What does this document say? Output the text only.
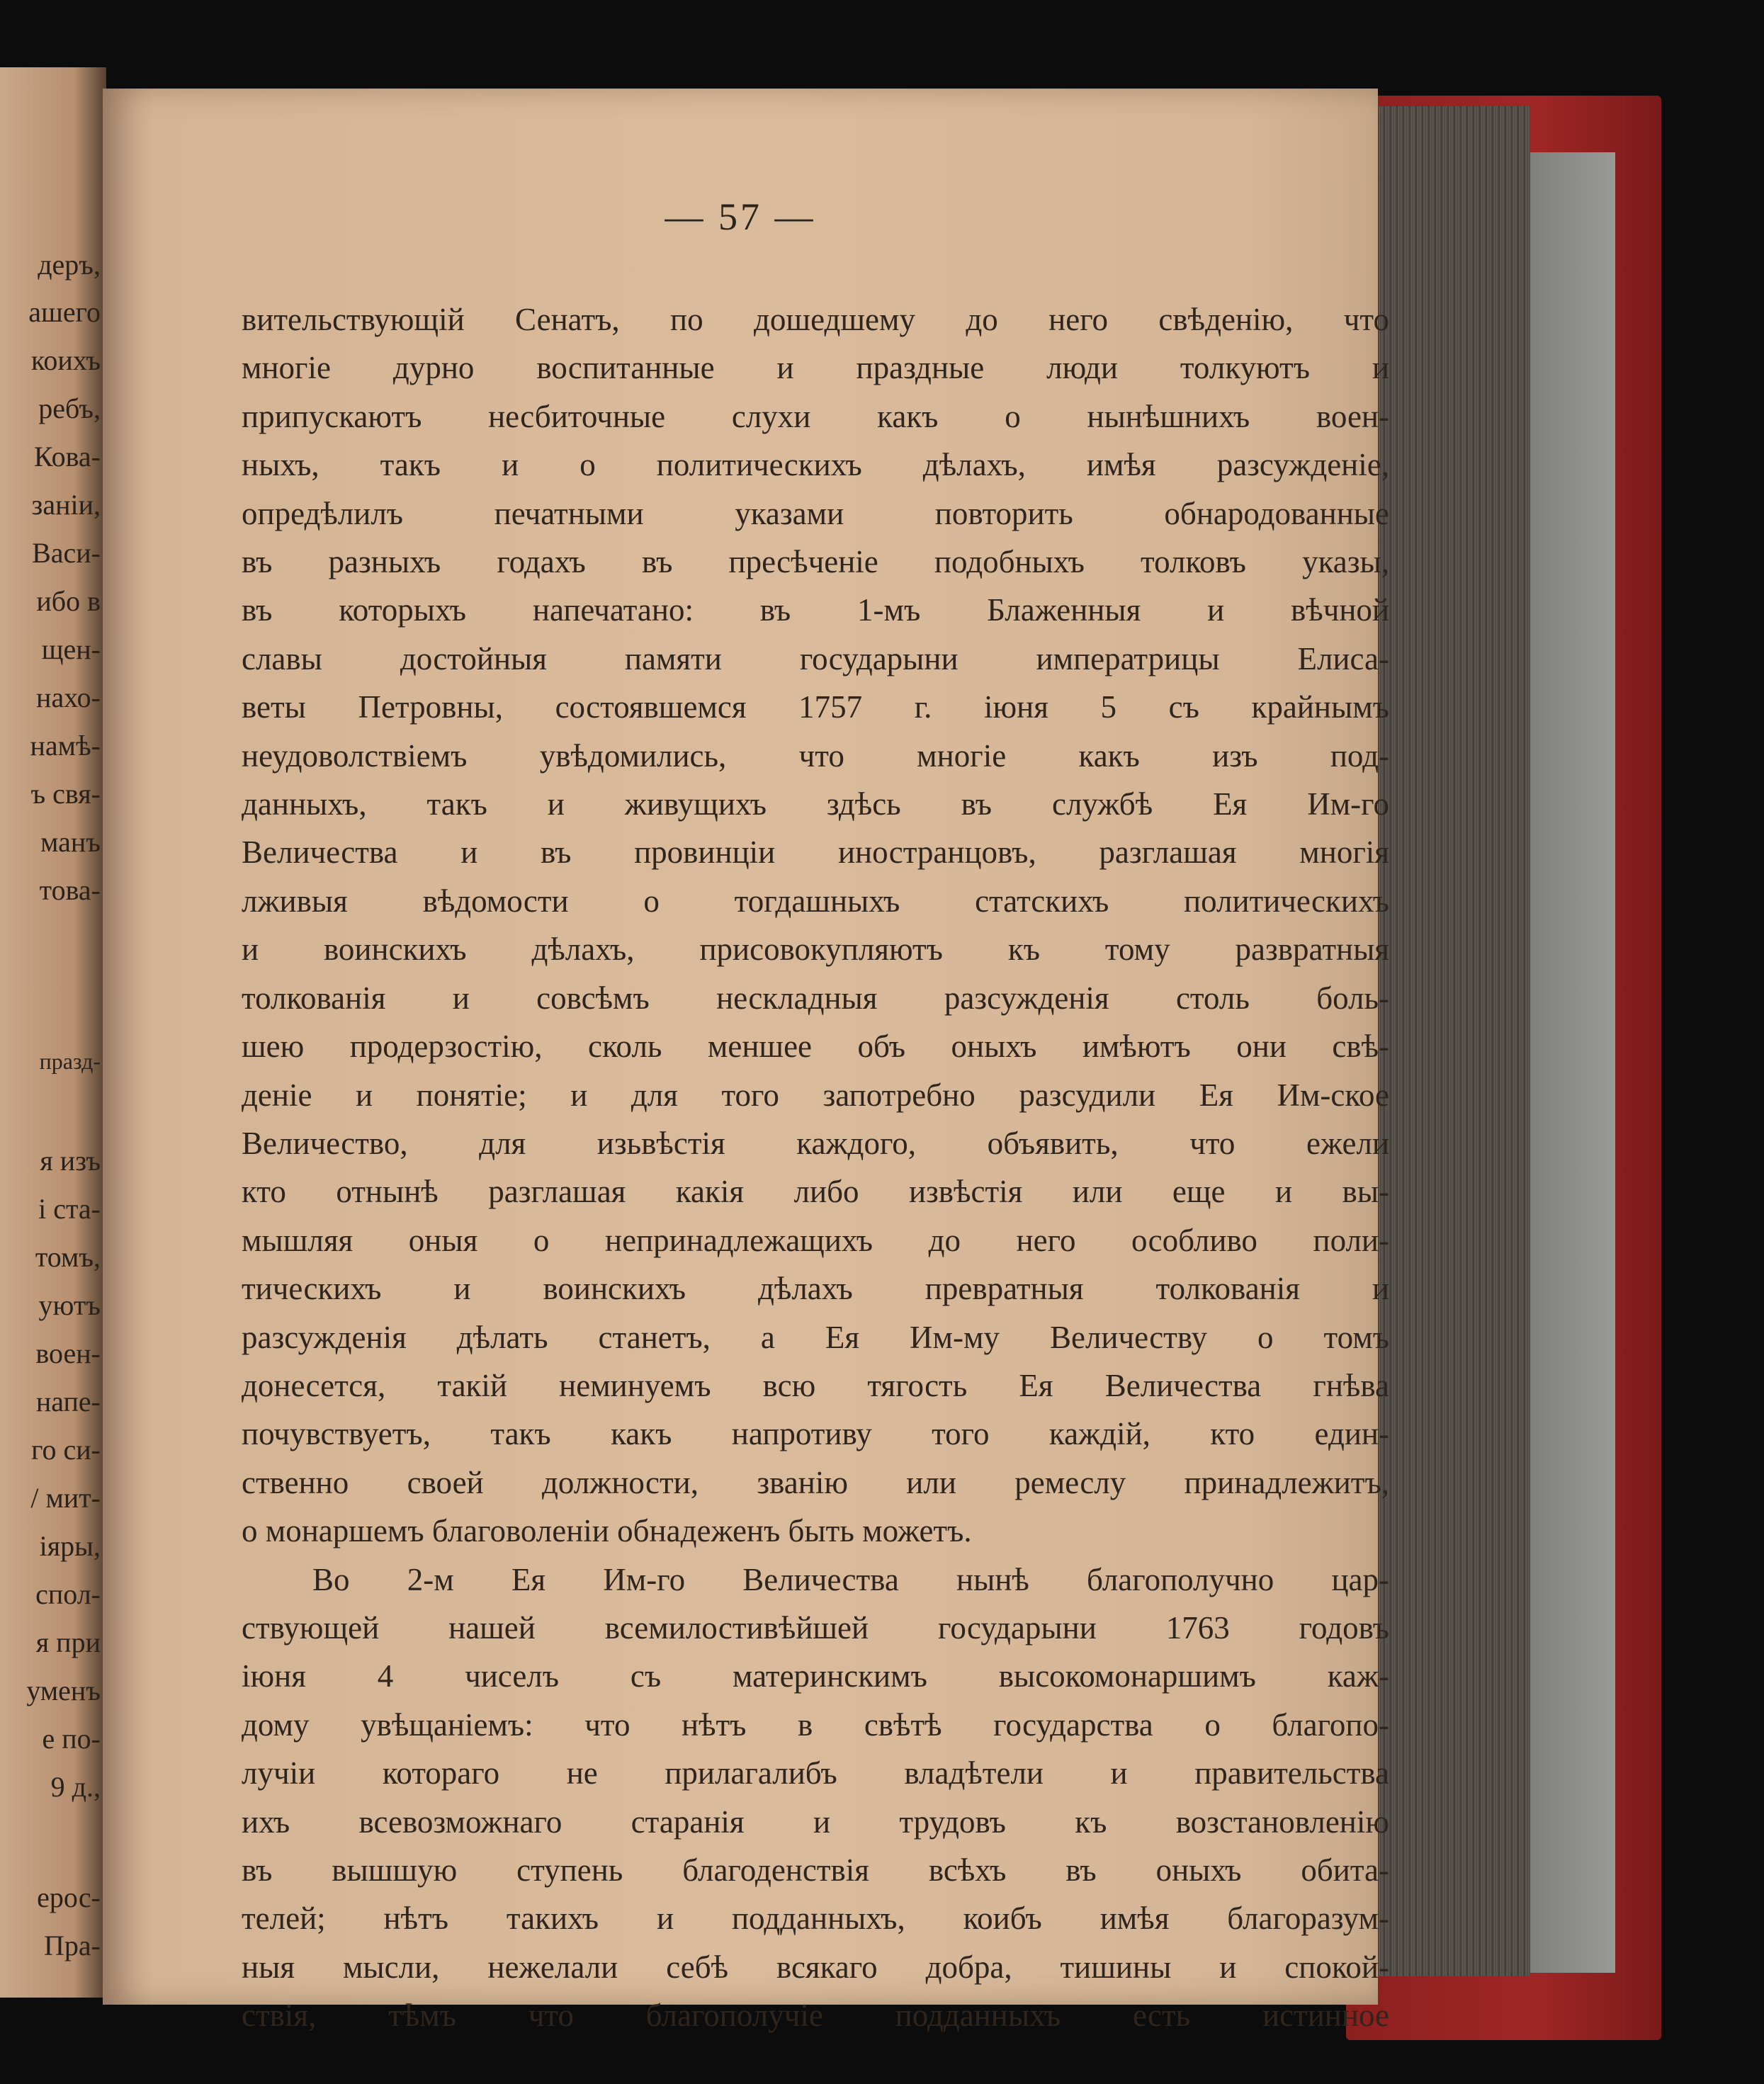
деръ,
ашего
коихъ
ребъ,
Кова-
заніи,
Васи-
ибо в
щен-
нахо-
намѣ-
ъ свя-
манъ
това-
празд-
я изъ
і ста-
томъ,
уютъ
воен-
напе-
го си-
/ мит-
іяры,
спол-
я при
уменъ
е по-
9 д.,
ерос-
Пра-
— 57 —
вительствующій Сенатъ, по дошедшему до него свѣденію, что
многіе дурно воспитанные и праздные люди толкуютъ и
припускаютъ несбиточные слухи какъ о нынѣшнихъ воен-
ныхъ, такъ и о политическихъ дѣлахъ, имѣя разсужденіе,
опредѣлилъ печатными указами повторить обнародованные
въ разныхъ годахъ въ пресѣченіе подобныхъ толковъ указы,
въ которыхъ напечатано: въ 1-мъ Блаженныя и вѣчной
славы достойныя памяти государыни императрицы Елиса-
веты Петровны, состоявшемся 1757 г. іюня 5 съ крайнымъ
неудоволствіемъ увѣдомились, что многіе какъ изъ под-
данныхъ, такъ и живущихъ здѣсь въ службѣ Ея Им-го
Величества и въ провинціи иностранцовъ, разглашая многія
лживыя вѣдомости о тогдашныхъ статскихъ политическихъ
и воинскихъ дѣлахъ, присовокупляютъ къ тому развратныя
толкованія и совсѣмъ нескладныя разсужденія столь боль-
шею продерзостію, сколь меншее объ оныхъ имѣютъ они свѣ-
деніе и понятіе; и для того запотребно разсудили Ея Им-ское
Величество, для изьвѣстія каждого, объявить, что ежели
кто отнынѣ разглашая какія либо извѣстія или еще и вы-
мышляя оныя о непринадлежащихъ до него особливо поли-
тическихъ и воинскихъ дѣлахъ превратныя толкованія и
разсужденія дѣлать станетъ, а Ея Им-му Величеству о томъ
донесется, такій неминуемъ всю тягость Ея Величества гнѣва
почувствуетъ, такъ какъ напротиву того каждій, кто един-
ственно своей должности, званію или ремеслу принадлежитъ,
о монаршемъ благоволеніи обнадеженъ быть можетъ.
Во 2-м Ея Им-го Величества нынѣ благополучно цар-
ствующей нашей всемилостивѣйшей государыни 1763 годовъ
іюня 4 чиселъ съ материнскимъ высокомонаршимъ каж-
дому увѣщаніемъ: что нѣтъ в свѣтѣ государства о благопо-
лучіи котораго не прилагалибъ владѣтели и правительства
ихъ всевозможнаго старанія и трудовъ къ возстановленію
въ вышшую ступень благоденствія всѣхъ въ оныхъ обита-
телей; нѣтъ такихъ и подданныхъ, коибъ имѣя благоразум-
ныя мысли, нежелали себѣ всякаго добра, тишины и спокой-
ствія, тѣмъ что благополучіе подданныхъ есть истинное
